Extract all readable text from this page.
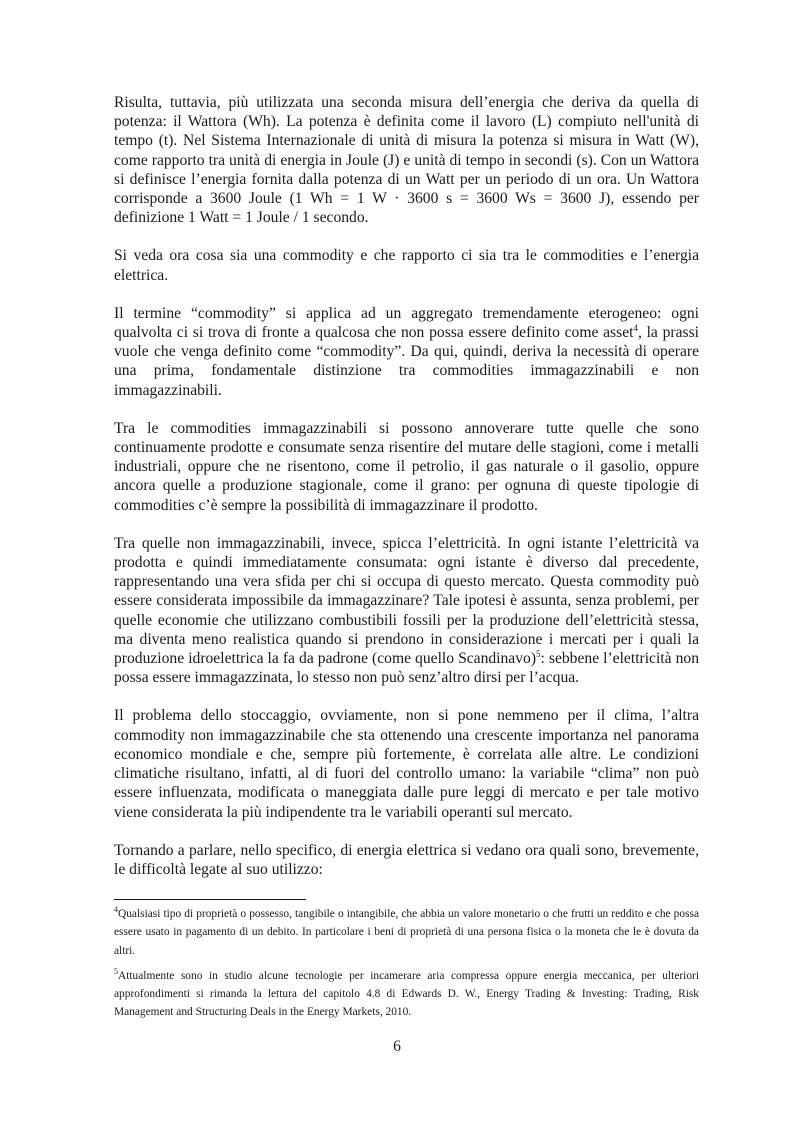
Risulta, tuttavia, più utilizzata una seconda misura dell’energia che deriva da quella di potenza: il Wattora (Wh). La potenza è definita come il lavoro (L) compiuto nell'unità di tempo (t). Nel Sistema Internazionale di unità di misura la potenza si misura in Watt (W), come rapporto tra unità di energia in Joule (J) e unità di tempo in secondi (s). Con un Wattora si definisce l’energia fornita dalla potenza di un Watt per un periodo di un ora. Un Wattora corrisponde a 3600 Joule (1 Wh = 1 W · 3600 s = 3600 Ws = 3600 J), essendo per definizione 1 Watt = 1 Joule / 1 secondo.

Si veda ora cosa sia una commodity e che rapporto ci sia tra le commodities e l’energia elettrica.

Il termine “commodity” si applica ad un aggregato tremendamente eterogeneo: ogni qualvolta ci si trova di fronte a qualcosa che non possa essere definito come asset$^4$, la prassi vuole che venga definito come “commodity”. Da qui, quindi, deriva la necessità di operare una prima, fondamentale distinzione tra commodities immagazzinabili e non immagazzinabili.

Tra le commodities immagazzinabili si possono annoverare tutte quelle che sono continuamente prodotte e consumate senza risentire del mutare delle stagioni, come i metalli industriali, oppure che ne risentono, come il petrolio, il gas naturale o il gasolio, oppure ancora quelle a produzione stagionale, come il grano: per ognuna di queste tipologie di commodities c’è sempre la possibilità di immagazzinare il prodotto.

Tra quelle non immagazzinabili, invece, spicca l’elettricità. In ogni istante l’elettricità va prodotta e quindi immediatamente consumata: ogni istante è diverso dal precedente, rappresentando una vera sfida per chi si occupa di questo mercato. Questa commodity può essere considerata impossibile da immagazzinare? Tale ipotesi è assunta, senza problemi, per quelle economie che utilizzano combustibili fossili per la produzione dell’elettricità stessa, ma diventa meno realistica quando si prendono in considerazione i mercati per i quali la produzione idroelettrica la fa da padrone (come quello Scandinavo)$^5$: sebbene l’elettricità non possa essere immagazzinata, lo stesso non può senz’altro dirsi per l’acqua.

Il problema dello stoccaggio, ovviamente, non si pone nemmeno per il clima, l’altra commodity non immagazzinabile che sta ottenendo una crescente importanza nel panorama economico mondiale e che, sempre più fortemente, è correlata alle altre. Le condizioni climatiche risultano, infatti, al di fuori del controllo umano: la variabile “clima” non può essere influenzata, modificata o maneggiata dalle pure leggi di mercato e per tale motivo viene considerata la più indipendente tra le variabili operanti sul mercato.

Tornando a parlare, nello specifico, di energia elettrica si vedano ora quali sono, brevemente, le difficoltà legate al suo utilizzo:

$^4$Qualsiasi tipo di proprietà o possesso, tangibile o intangibile, che abbia un valore monetario o che frutti un reddito e che possa essere usato in pagamento di un debito. In particolare i beni di proprietà di una persona fisica o la moneta che le è dovuta da altri.

$^5$Attualmente sono in studio alcune tecnologie per incamerare aria compressa oppure energia meccanica, per ulteriori approfondimenti si rimanda la lettura del capitolo 4.8 di Edwards D. W., Energy Trading & Investing: Trading, Risk Management and Structuring Deals in the Energy Markets, 2010.

6
